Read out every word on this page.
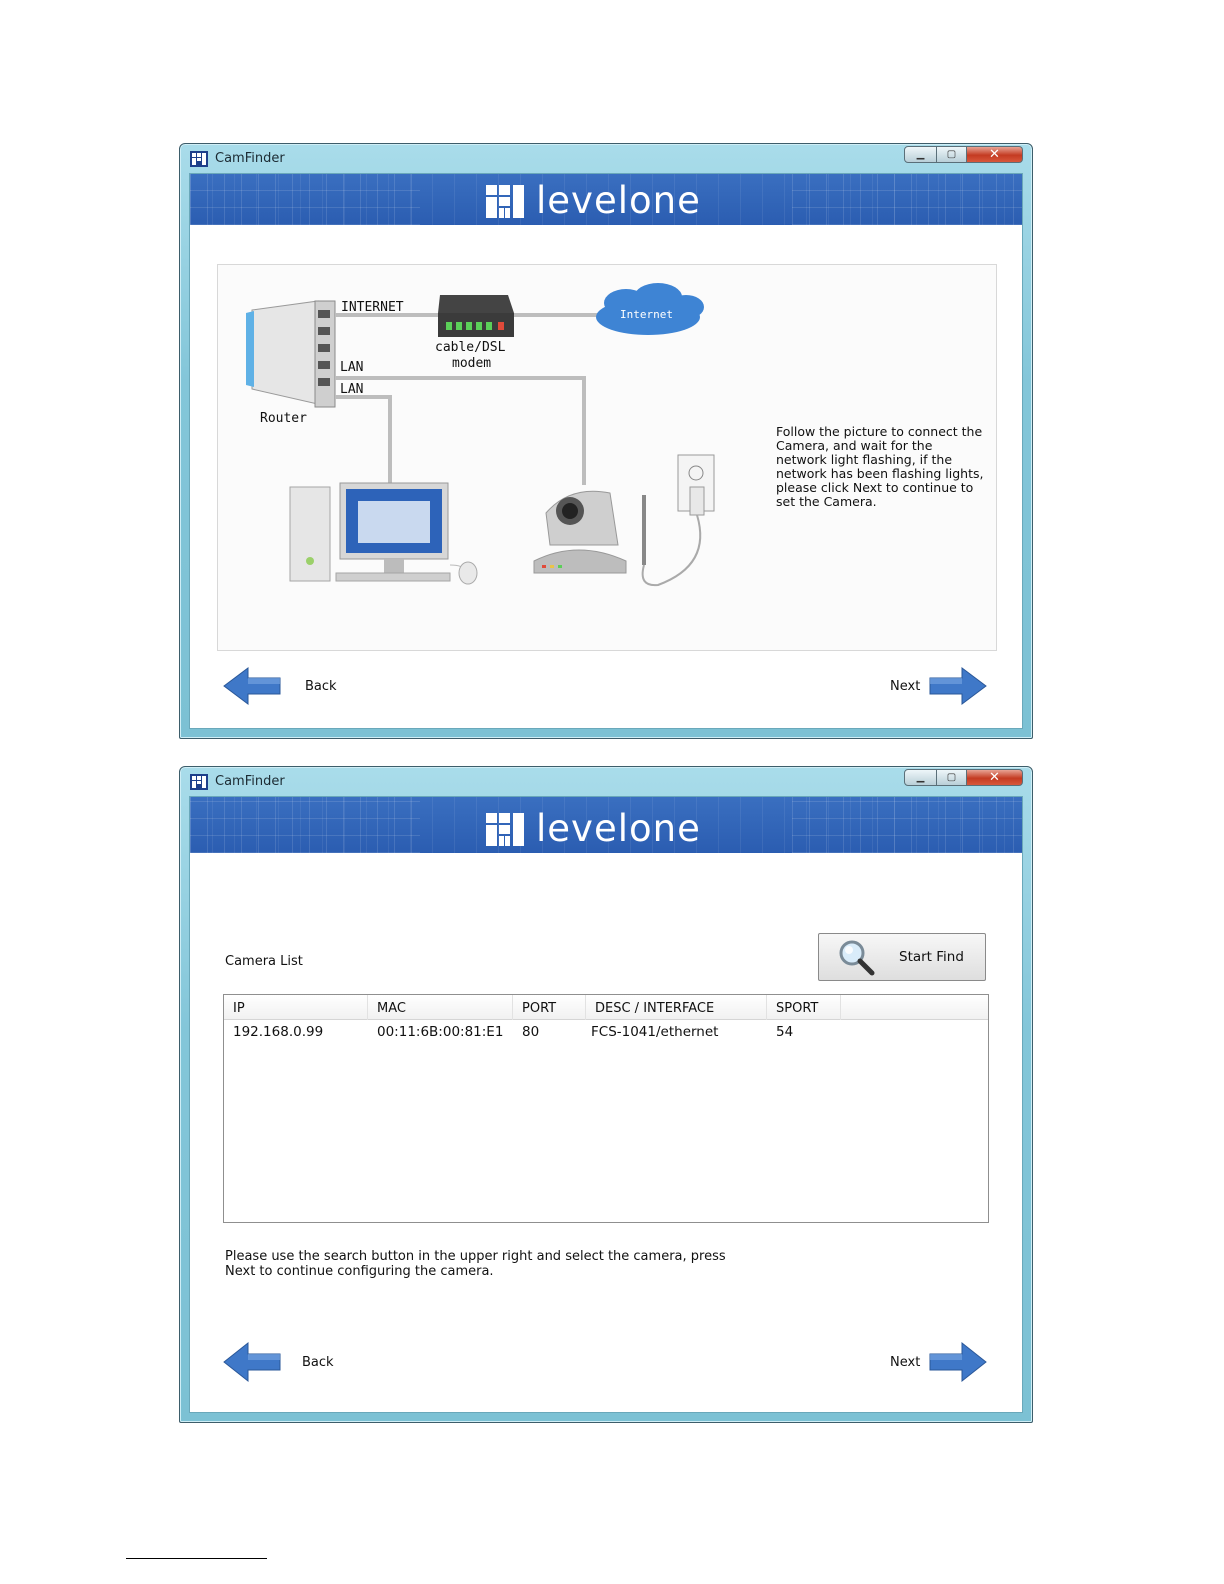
CamFinder	▁ ▢	✕
levelone
INTERNET
cable/DSL
modem
Internet
LAN
LAN
Router
Follow the picture to connect the Camera, and wait for the network light flashing, if the network has been flashing lights, please click Next to continue to set the Camera.
Back	Next
CamFinder	▁ ▢	✕
levelone
Camera List	Start Find
IP	MAC	PORT	DESC / INTERFACE	SPORT
192.168.0.99	00:11:6B:00:81:E1	80	FCS-1041/ethernet	54
Please use the search button in the upper right and select the camera, press
Next to continue configuring the camera.
Back	Next
